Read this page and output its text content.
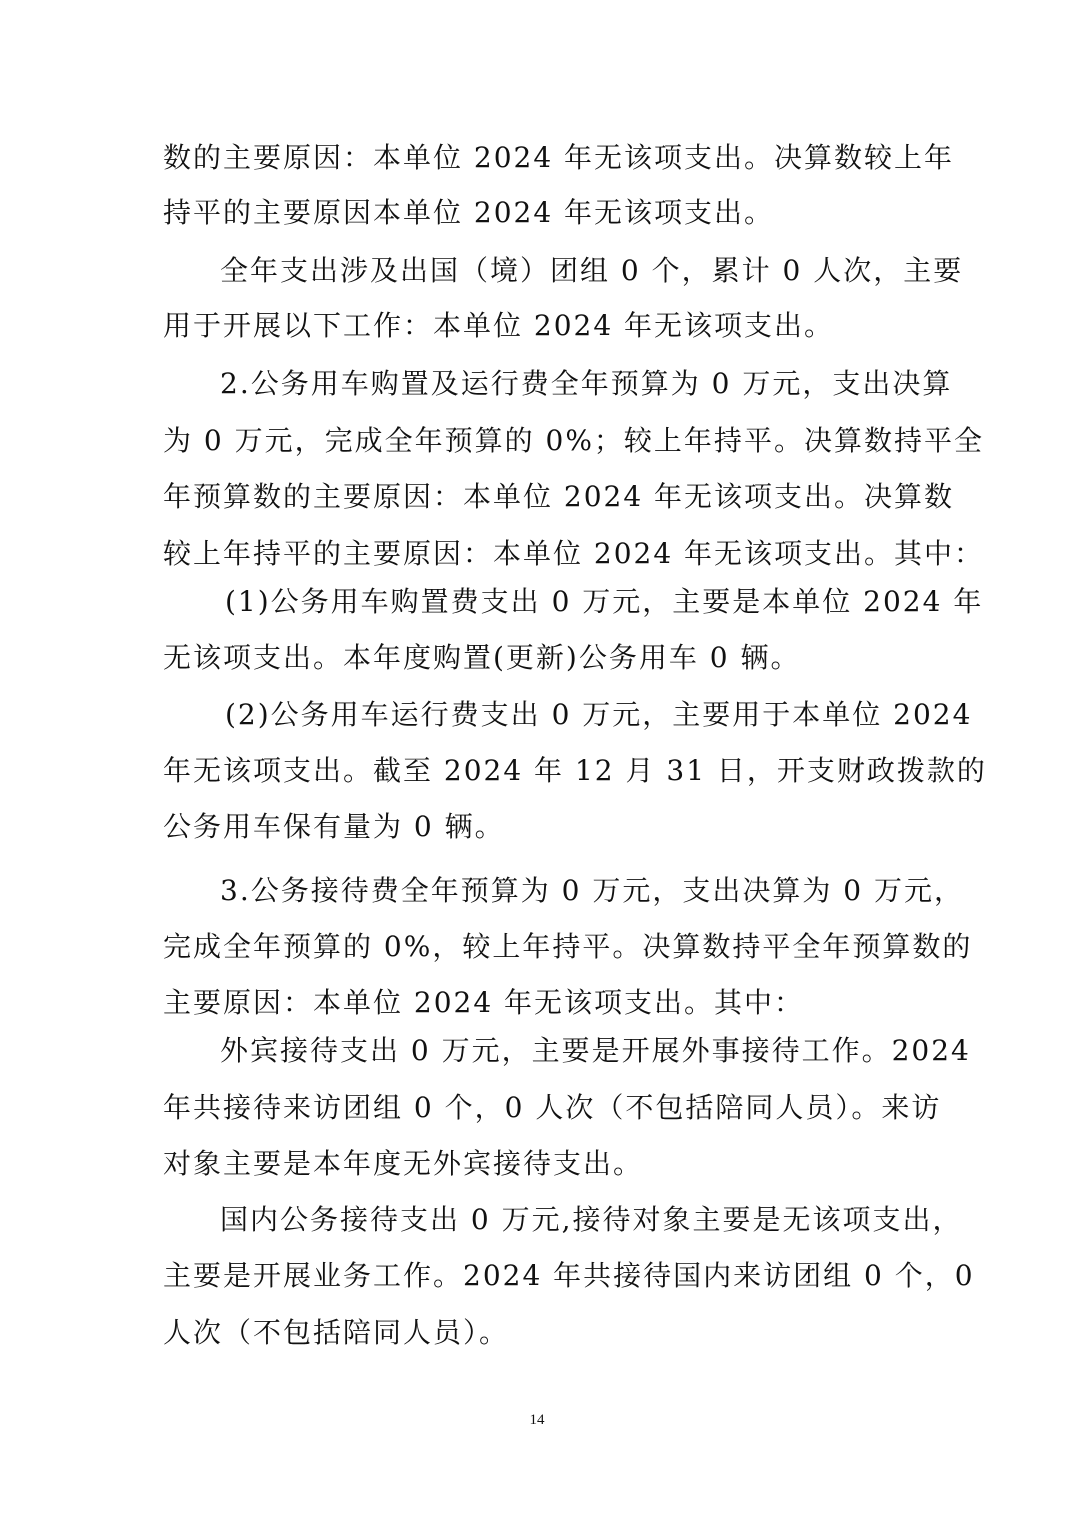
数的主要原因：本单位 2024 年无该项支出。决算数较上年
持平的主要原因本单位 2024 年无该项支出。
全年支出涉及出国（境）团组 0 个，累计 0 人次，主要
用于开展以下工作：本单位 2024 年无该项支出。
2.公务用车购置及运行费全年预算为 0 万元，支出决算
为 0 万元，完成全年预算的 0%；较上年持平。决算数持平全
年预算数的主要原因：本单位 2024 年无该项支出。决算数
较上年持平的主要原因：本单位 2024 年无该项支出。其中：
(1)公务用车购置费支出 0 万元，主要是本单位 2024 年
无该项支出。本年度购置(更新)公务用车 0 辆。
(2)公务用车运行费支出 0 万元，主要用于本单位 2024
年无该项支出。截至 2024 年 12 月 31 日，开支财政拨款的
公务用车保有量为 0 辆。
3.公务接待费全年预算为 0 万元，支出决算为 0 万元，
完成全年预算的 0%，较上年持平。决算数持平全年预算数的
主要原因：本单位 2024 年无该项支出。其中：
外宾接待支出 0 万元，主要是开展外事接待工作。2024
年共接待来访团组 0 个，0 人次（不包括陪同人员）。来访
对象主要是本年度无外宾接待支出。
国内公务接待支出 0 万元,接待对象主要是无该项支出，
主要是开展业务工作。2024 年共接待国内来访团组 0 个，0
人次（不包括陪同人员）。
14
